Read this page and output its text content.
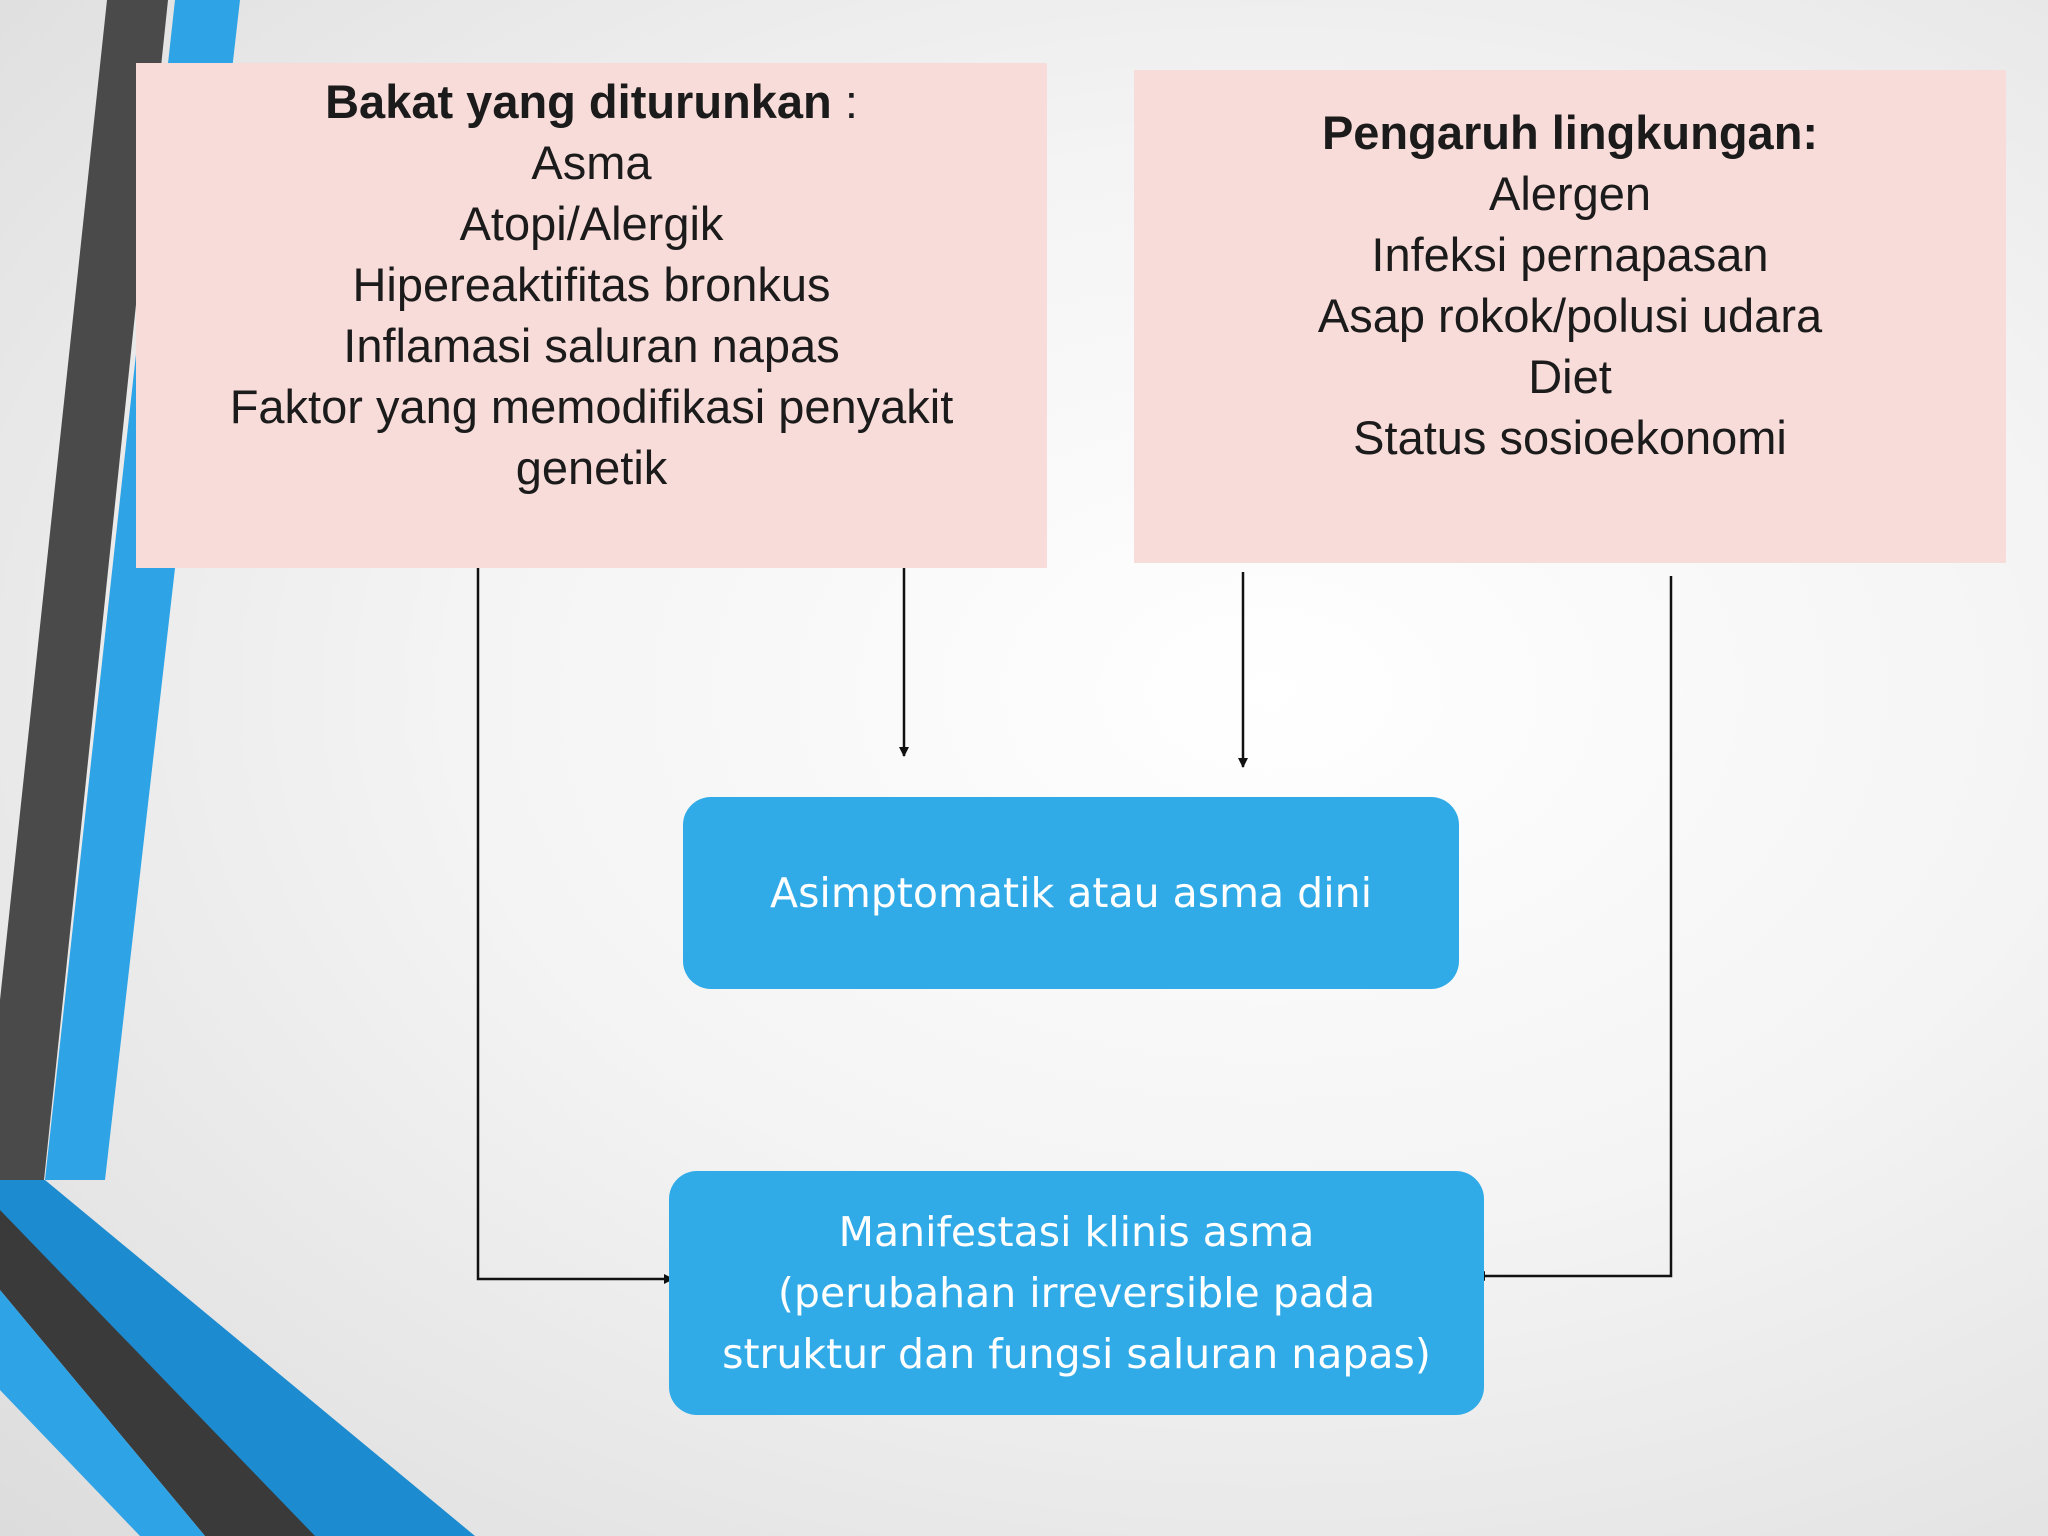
Bakat yang diturunkan :

Asma

Atopi/Alergik

Hipereaktifitas bronkus

Inflamasi saluran napas

Faktor yang memodifikasi penyakit

genetik

Pengaruh lingkungan:

Alergen

Infeksi pernapasan

Asap rokok/polusi udara

Diet

Status sosioekonomi

Asimptomatik atau asma dini
Manifestasi klinis asma
(perubahan irreversible pada
struktur dan fungsi saluran napas)
